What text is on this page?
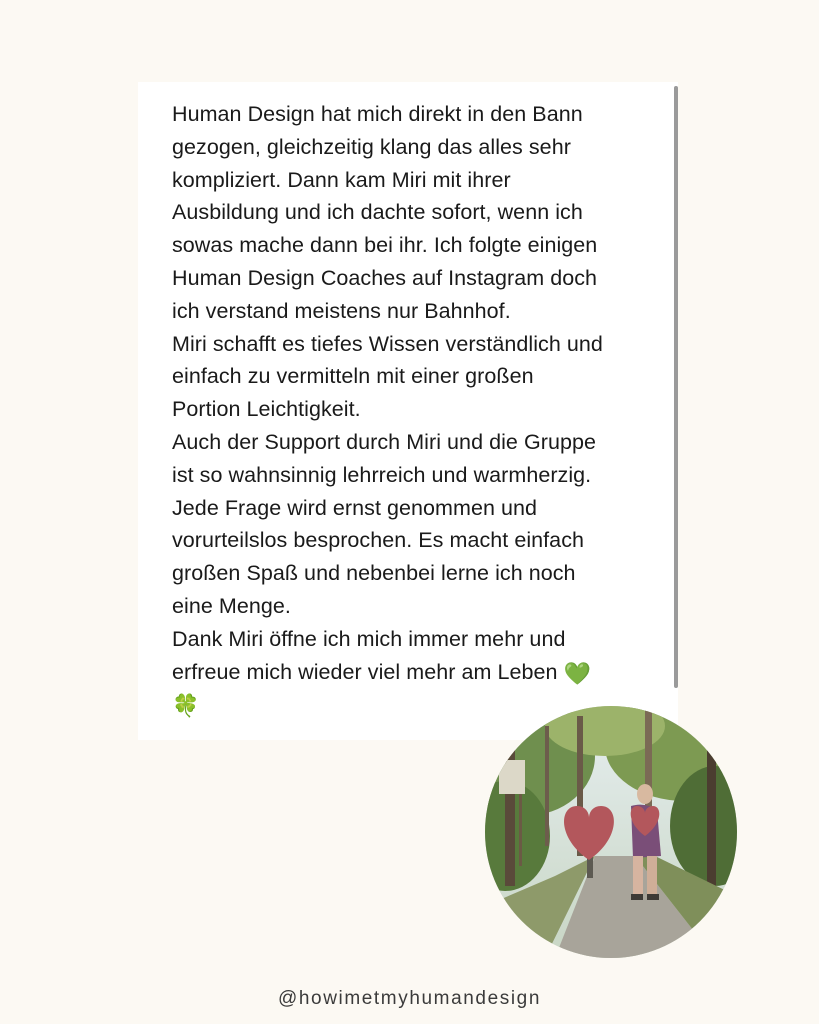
Human Design hat mich direkt in den Bann
gezogen, gleichzeitig klang das alles sehr
kompliziert. Dann kam Miri mit ihrer
Ausbildung und ich dachte sofort, wenn ich
sowas mache dann bei ihr. Ich folgte einigen
Human Design Coaches auf Instagram doch
ich verstand meistens nur Bahnhof.
Miri schafft es tiefes Wissen verständlich und
einfach zu vermitteln mit einer großen
Portion Leichtigkeit.
Auch der Support durch Miri und die Gruppe
ist so wahnsinnig lehrreich und warmherzig.
Jede Frage wird ernst genommen und
vorurteilslos besprochen. Es macht einfach
großen Spaß und nebenbei lerne ich noch
eine Menge.
Dank Miri öffne ich mich immer mehr und
erfreue mich wieder viel mehr am Leben 💚
🍀
@howimetmyhumandesign
